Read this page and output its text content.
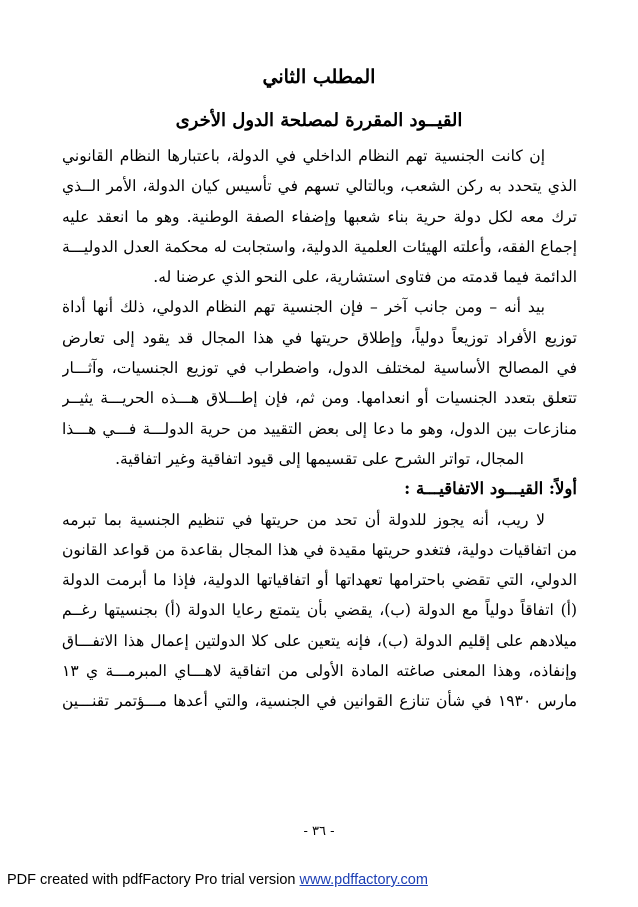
المطلب الثاني
القيــود المقررة لمصلحة الدول الأخرى
إن كانت الجنسية تهم النظام الداخلي في الدولة، باعتبارها النظام القانوني
الذي يتحدد به ركن الشعب، وبالتالي تسهم في تأسيس كيان الدولة، الأمر الــذي
ترك معه لكل دولة حرية بناء شعبها وإضفاء الصفة الوطنية. وهو ما انعقد عليه
إجماع الفقه، وأعلته الهيئات العلمية الدولية، واستجابت له محكمة العدل الدوليـــة
الدائمة فيما قدمته من فتاوى استشارية، على النحو الذي عرضنا له.
بيد أنه – ومن جانب آخر – فإن الجنسية تهم النظام الدولي، ذلك أنها أداة
توزيع الأفراد توزيعاً دولياً، وإطلاق حريتها في هذا المجال قد يقود إلى تعارض
في المصالح الأساسية لمختلف الدول، واضطراب في توزيع الجنسيات، وآثـــار
تتعلق بتعدد الجنسيات أو انعدامها. ومن ثم، فإن إطـــلاق هـــذه الحريـــة يثيــر
منازعات بين الدول، وهو ما دعا إلى بعض التقييد من حرية الدولـــة فـــي هـــذا
المجال، تواتر الشرح على تقسيمها إلى قيود اتفاقية وغير اتفاقية.
أولاً: القيـــود الاتفاقيـــة :
لا ريب، أنه يجوز للدولة أن تحد من حريتها في تنظيم الجنسية بما تبرمه
من اتفاقيات دولية، فتغدو حريتها مقيدة في هذا المجال بقاعدة من قواعد القانون
الدولي، التي تقضي باحترامها تعهداتها أو اتفاقياتها الدولية، فإذا ما أبرمت الدولة
(أ) اتفاقاً دولياً مع الدولة (ب)، يقضي بأن يتمتع رعايا الدولة (أ) بجنسيتها رغــم
ميلادهم على إقليم الدولة (ب)، فإنه يتعين على كلا الدولتين إعمال هذا الاتفـــاق
وإنفاذه، وهذا المعنى صاغته المادة الأولى من اتفاقية لاهـــاي المبرمـــة ي ١٣
مارس ١٩٣٠ في شأن تنازع القوانين في الجنسية، والتي أعدها مـــؤتمر تقنـــين
- ٣٦ -
PDF created with pdfFactory Pro trial version www.pdffactory.com
